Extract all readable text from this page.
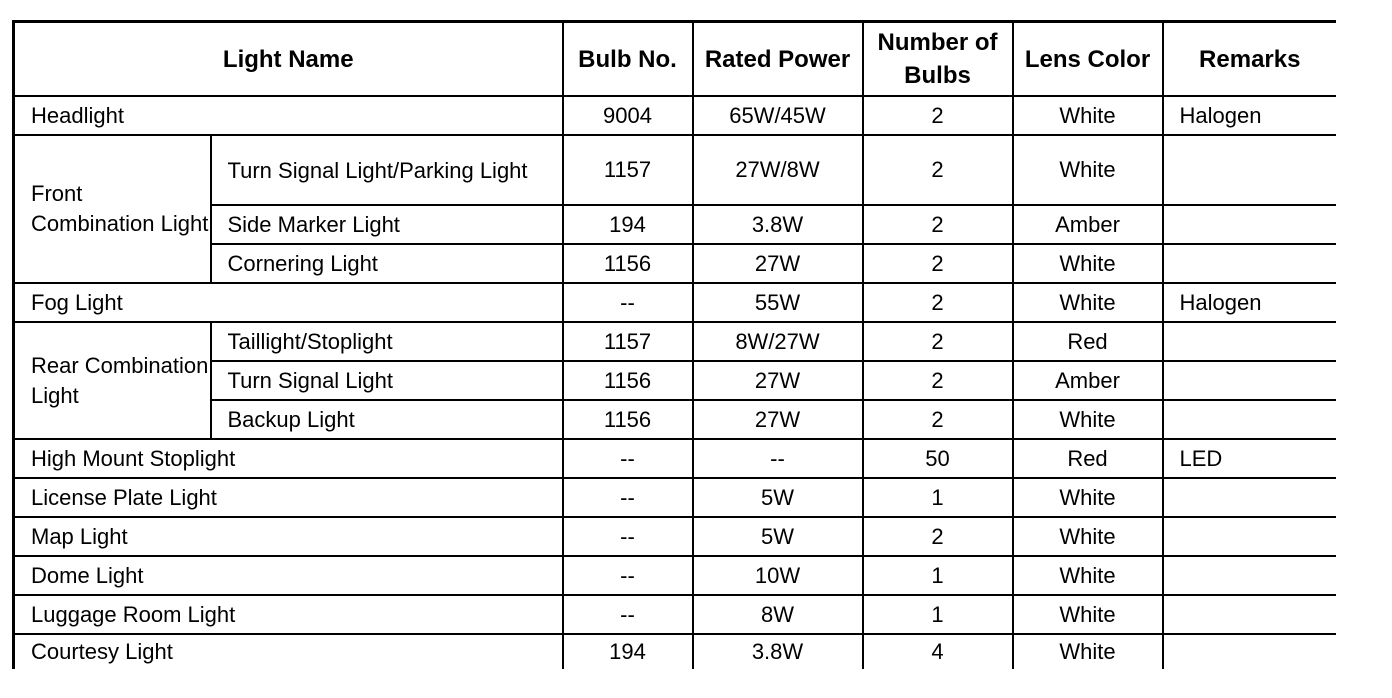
Light Name		Bulb No.	Rated Power	Number of Bulbs	Lens Color	Remarks
Headlight		9004	65W/45W	2	White	Halogen
Front Combination Light	Turn Signal Light/Parking Light	1157	27W/8W	2	White	
	Side Marker Light	194	3.8W	2	Amber	
	Cornering Light	1156	27W	2	White	
Fog Light		--	55W	2	White	Halogen
Rear Combination Light	Taillight/Stoplight	1157	8W/27W	2	Red	
	Turn Signal Light	1156	27W	2	Amber	
	Backup Light	1156	27W	2	White	
High Mount Stoplight		--	--	50	Red	LED
License Plate Light		--	5W	1	White	
Map Light		--	5W	2	White	
Dome Light		--	10W	1	White	
Luggage Room Light		--	8W	1	White	
Courtesy Light		194	3.8W	4	White	
